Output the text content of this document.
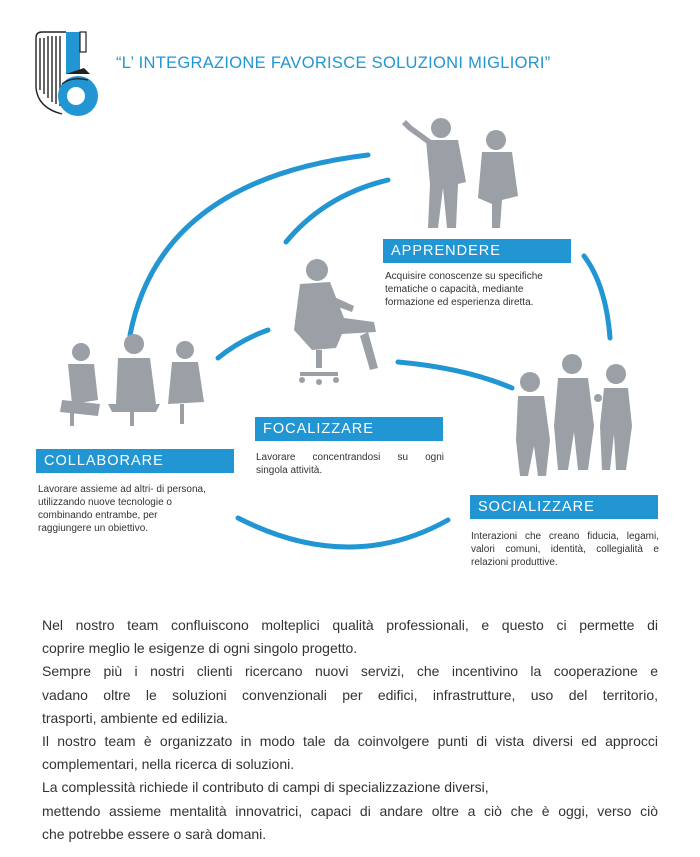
“L’ INTEGRAZIONE FAVORISCE SOLUZIONI MIGLIORI”
APPRENDERE
Acquisire conoscenze su specifiche
tematiche o capacità, mediante
formazione ed esperienza diretta.
FOCALIZZARE
Lavorare concentrandosi su ogni
singola attività.
COLLABORARE
Lavorare assieme ad altri- di persona,
utilizzando nuove tecnologie o
combinando entrambe, per
raggiungere un obiettivo.
SOCIALIZZARE
Interazioni che creano fiducia, legami,
valori comuni, identità, collegialità e
relazioni produttive.

Nel nostro team confluiscono molteplici qualità professionali, e questo ci permette di

coprire meglio le esigenze di ogni singolo progetto.

Sempre più i nostri clienti ricercano nuovi servizi, che incentivino la cooperazione e

vadano oltre le soluzioni convenzionali per edifici, infrastrutture, uso del territorio,

trasporti, ambiente ed edilizia.

Il nostro team è organizzato in modo tale da coinvolgere punti di vista diversi ed approcci

complementari, nella ricerca di soluzioni.

La complessità richiede il contributo di campi di specializzazione diversi,

mettendo assieme mentalità innovatrici, capaci di andare oltre a ciò che è oggi, verso ciò

che potrebbe essere o sarà domani.
